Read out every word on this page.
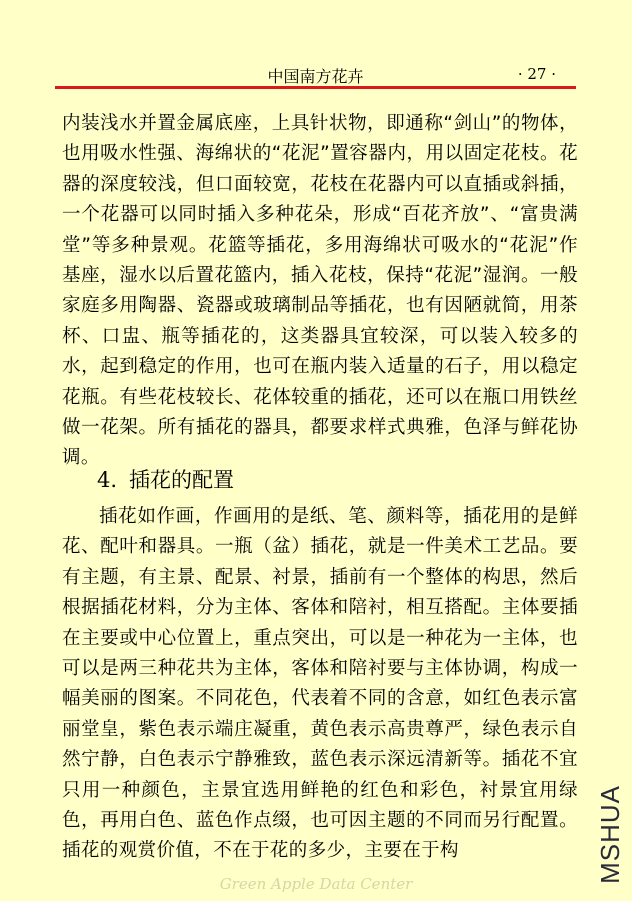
中国南方花卉	· 27 ·

内装浅水并置金属底座，上具针状物，即通称“剑山”的物体，也用吸水性强、海绵状的“花泥”置容器内，用以固定花枝。花器的深度较浅，但口面较宽，花枝在花器内可以直插或斜插，一个花器可以同时插入多种花朵，形成“百花齐放”、“富贵满堂”等多种景观。花篮等插花，多用海绵状可吸水的“花泥”作基座，湿水以后置花篮内，插入花枝，保持“花泥”湿润。一般家庭多用陶器、瓷器或玻璃制品等插花，也有因陋就简，用茶杯、口盅、瓶等插花的，这类器具宜较深，可以装入较多的水，起到稳定的作用，也可在瓶内装入适量的石子，用以稳定花瓶。有些花枝较长、花体较重的插花，还可以在瓶口用铁丝做一花架。所有插花的器具，都要求样式典雅，色泽与鲜花协调。

4. 插花的配置

插花如作画，作画用的是纸、笔、颜料等，插花用的是鲜花、配叶和器具。一瓶（盆）插花，就是一件美术工艺品。要有主题，有主景、配景、衬景，插前有一个整体的构思，然后根据插花材料，分为主体、客体和陪衬，相互搭配。主体要插在主要或中心位置上，重点突出，可以是一种花为一主体，也可以是两三种花共为主体，客体和陪衬要与主体协调，构成一幅美丽的图案。不同花色，代表着不同的含意，如红色表示富丽堂皇，紫色表示端庄凝重，黄色表示高贵尊严，绿色表示自然宁静，白色表示宁静雅致，蓝色表示深远清新等。插花不宜只用一种颜色，主景宜选用鲜艳的红色和彩色，衬景宜用绿色，再用白色、蓝色作点缀，也可因主题的不同而另行配置。插花的观赏价值，不在于花的多少，主要在于构	MSHUA
Green Apple Data Center
